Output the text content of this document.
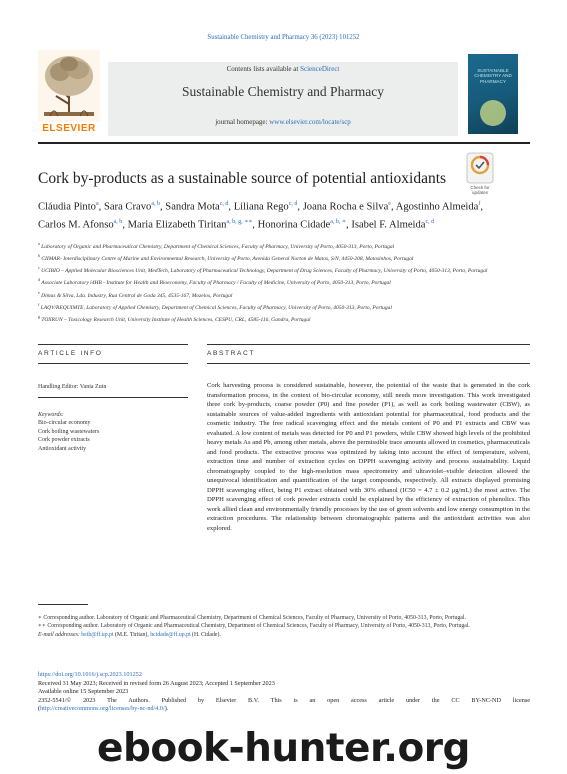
Sustainable Chemistry and Pharmacy 36 (2023) 101252
ELSEVIER
Contents lists available at ScienceDirect
Sustainable Chemistry and Pharmacy
journal homepage: www.elsevier.com/locate/scp
SUSTAINABLE CHEMISTRY AND PHARMACY
Cork by-products as a sustainable source of potential antioxidants
Check for updates
Cláudia Pinto$^a$, Sara Cravo$^{a, b}$, Sandra Mota$^{c, d}$, Liliana Rego$^{c, d}$, Joana Rocha e Silva$^e$, Agostinho Almeida$^f$, Carlos M. Afonso$^{a, b}$, Maria Elizabeth Tiritan$^{a, b, g, ∗∗}$, Honorina Cidade$^{a, b, ∗}$, Isabel F. Almeida$^{c, d}$

$^a$ Laboratory of Organic and Pharmaceutical Chemistry, Department of Chemical Sciences, Faculty of Pharmacy, University of Porto, 4050-313, Porto, Portugal

$^b$ CIIMAR- Interdisciplinary Centre of Marine and Environmental Research, University of Porto, Avenida General Norton de Matos, S/N, 4450-208, Matosinhos, Portugal

$^c$ UCIBIO – Applied Molecular Biosciences Unit, MedTech, Laboratory of Pharmaceutical Technology, Department of Drug Sciences, Faculty of Pharmacy, University of Porto, 4050-313, Porto, Portugal

$^d$ Associate Laboratory i4HB - Institute for Health and Bioeconomy, Faculty of Pharmacy / Faculty of Medicine, University of Porto, 4050-313, Porto, Portugal

$^e$ Dimas & Silva, Lda. Industry, Rua Central de Goda 345, 4535-167, Mozelos, Portugal

$^f$ LAQV/REQUIMTE, Laboratory of Applied Chemistry, Department of Chemical Sciences, Faculty of Pharmacy, University of Porto, 4050-313, Porto, Portugal

$^g$ TOXRUN – Toxicology Research Unit, University Institute of Health Sciences, CESPU, CRL, 4585-116, Gandra, Portugal

ARTICLE INFO	ABSTRACT
Handling Editor: Vania Zuin
Keywords:
Bio-circular economy
Cork boiling wastewaters
Cork powder extracts
Antioxidant activity
Cork harvesting process is considered sustainable, however, the potential of the waste that is generated in the cork transformation process, in the context of bio-circular economy, still needs more investigation. This work investigated three cork by-products, coarse powder (P0) and fine powder (P1), as well as cork boiling wastewater (CBW), as sustainable sources of value-added ingredients with antioxidant potential for pharmaceutical, food products and the cosmetic industry. The free radical scavenging effect and the metals content of P0 and P1 extracts and CBW was evaluated. A low content of metals was detected for P0 and P1 powders, while CBW showed high levels of the prohibited heavy metals As and Pb, among other metals, above the permissible trace amounts allowed in cosmetics, pharmaceuticals and food products. The extractive process was optimized by taking into account the effect of temperature, solvent, extraction time and number of extraction cycles on DPPH scavenging activity and process sustainability. Liquid chromatography coupled to the high-resolution mass spectrometry and ultraviolet–visible detection allowed the unequivocal identification and quantification of the target compounds, respectively. All extracts displayed promising DPPH scavenging effect, being P1 extract obtained with 30% ethanol (IC50 = 4.7 ± 0.2 μg/mL) the most active. The DPPH scavenging effect of cork powder extracts could be explained by the efficiency of extraction of phenolics. This work allied clean and environmentally friendly processes by the use of green solvents and low energy consumption in the extraction procedures. The relationship between chromatographic patterns and the antioxidant activities was also explored.

∗ Corresponding author. Laboratory of Organic and Pharmaceutical Chemistry, Department of Chemical Sciences, Faculty of Pharmacy, University of Porto, 4050-313, Porto, Portugal.

∗∗ Corresponding author. Laboratory of Organic and Pharmaceutical Chemistry, Department of Chemical Sciences, Faculty of Pharmacy, University of Porto, 4050-313, Porto, Portugal.

E-mail addresses: beth@ff.up.pt (M.E. Tiritan), hcidade@ff.up.pt (H. Cidade).

https://doi.org/10.1016/j.scp.2023.101252
Received 31 May 2023; Received in revised form 26 August 2023; Accepted 1 September 2023
Available online 15 September 2023
2352-5541/© 2023 The Authors. Published by Elsevier B.V. This is an open access article under the CC BY-NC-ND license
(http://creativecommons.org/licenses/by-nc-nd/4.0/).
ebook-hunter.org
